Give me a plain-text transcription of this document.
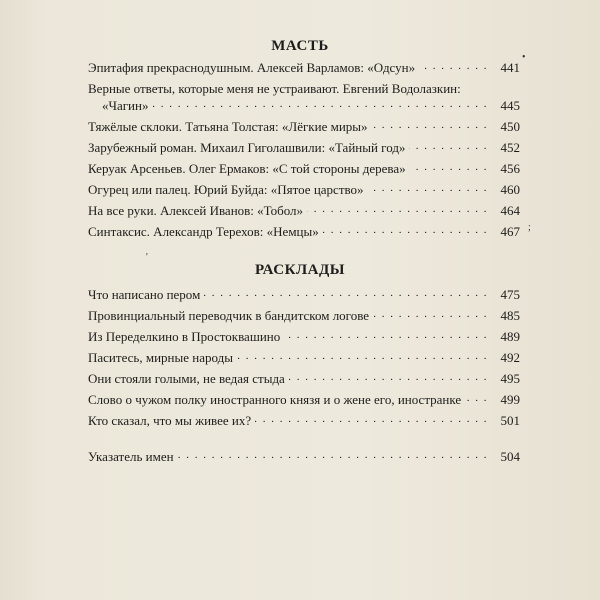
МАСТЬ
Эпитафия прекраснодушным. Алексей Варламов: «Одсун» . . .	441
Верные ответы, которые меня не устраивают. Евгений Водолазкин:
«Чагин» . . .	445
Тяжёлые склоки. Татьяна Толстая: «Лёгкие миры» . . .	450
Зарубежный роман. Михаил Гиголашвили: «Тайный год» . . .	452
Керуак Арсеньев. Олег Ермаков: «С той стороны дерева» . . .	456
Огурец или палец. Юрий Буйда: «Пятое царство» . . .	460
На все руки. Алексей Иванов: «Тобол» . . .	464
Синтаксис. Александр Терехов: «Немцы» . . .	467
РАСКЛАДЫ
Что написано пером . . .	475
Провинциальный переводчик в бандитском логове . . .	485
Из Переделкино в Простоквашино . . .	489
Паситесь, мирные народы . . .	492
Они стояли голыми, не ведая стыда . . .	495
Слово о чужом полку иностранного князя и о жене его, иностранке . . .	499
Кто сказал, что мы живее их? . . .	501
Указатель имен . . .	504
•
;
'
